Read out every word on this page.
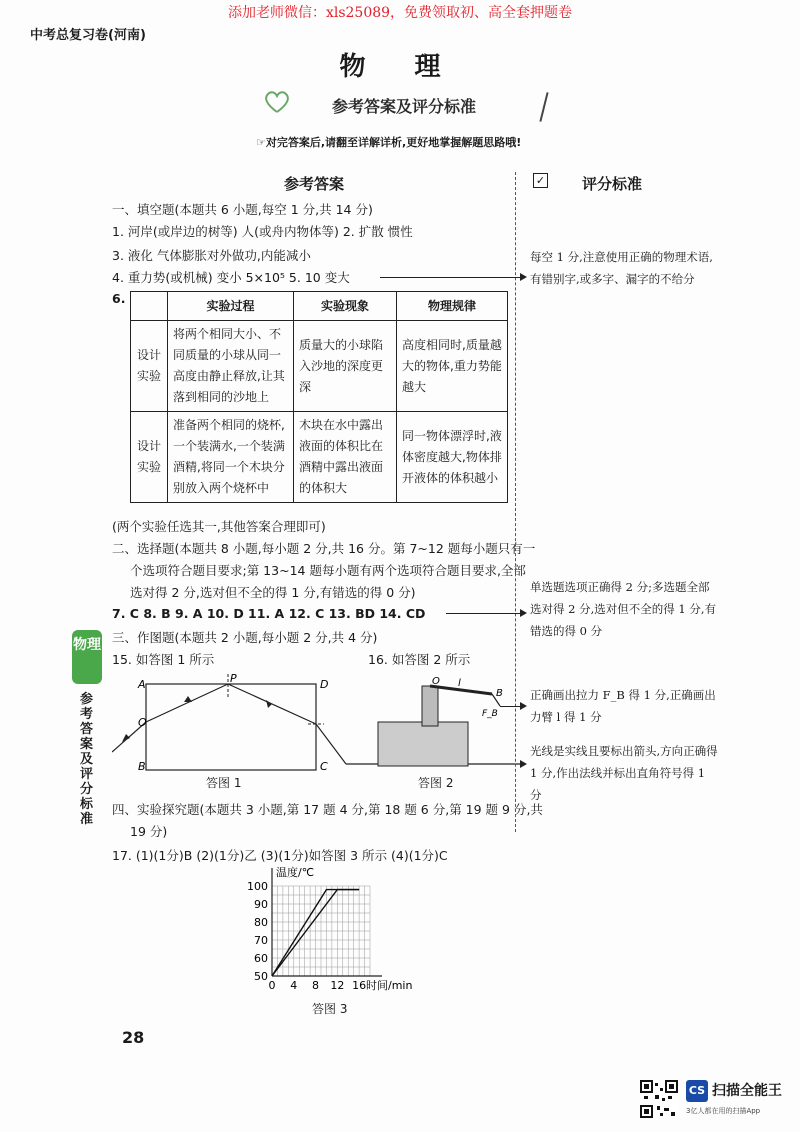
添加老师微信：xls25089，免费领取初、高全套押题卷
中考总复习卷(河南)
物 理
参考答案及评分标准
☞对完答案后,请翻至详解详析,更好地掌握解题思路哦!
参考答案
一、填空题(本题共 6 小题,每空 1 分,共 14 分)
1. 河岸(或岸边的树等) 人(或舟内物体等) 2. 扩散 惯性
3. 液化 气体膨胀对外做功,内能减小
4. 重力势(或机械) 变小 5×10⁵ 5. 10 变大
6.
		实验过程	实验现象	物理规律
设计实验	将两个相同大小、不同质量的小球从同一高度由静止释放,让其落到相同的沙地上	质量大的小球陷入沙地的深度更深	高度相同时,质量越大的物体,重力势能越大
设计实验	准备两个相同的烧杯,一个装满水,一个装满酒精,将同一个木块分别放入两个烧杯中	木块在水中露出液面的体积比在酒精中露出液面的体积大	同一物体漂浮时,液体密度越大,物体排开液体的体积越小
(两个实验任选其一,其他答案合理即可)
二、选择题(本题共 8 小题,每小题 2 分,共 16 分。第 7~12 题每小题只有一
个选项符合题目要求;第 13~14 题每小题有两个选项符合题目要求,全部
选对得 2 分,选对但不全的得 1 分,有错选的得 0 分)
7. C 8. B 9. A 10. D 11. A 12. C 13. BD 14. CD
三、作图题(本题共 2 小题,每小题 2 分,共 4 分)
15. 如答图 1 所示	16. 如答图 2 所示
A
B	C
D
O
P	O
B
F_B
l
答图 1	答图 2
四、实验探究题(本题共 3 小题,第 17 题 4 分,第 18 题 6 分,第 19 题 9 分,共
19 分)
17. (1)(1分)B (2)(1分)乙 (3)(1分)如答图 3 所示 (4)(1分)C
50
60
70
80
90
100
0 4 8 12 16
温度/℃
时间/min
答图 3
✓ 评分标准
每空 1 分,注意使用正确的物理术语,有错别字,或多字、漏字的不给分
单选题选项正确得 2 分;多选题全部选对得 2 分,选对但不全的得 1 分,有错选的得 0 分
正确画出拉力 F_B 得 1 分,正确画出力臂 l 得 1 分
光线是实线且要标出箭头,方向正确得 1 分,作出法线并标出直角符号得 1 分
物理
参考答案及评分标准
28
CS 扫描全能王
3亿人都在用的扫描App
